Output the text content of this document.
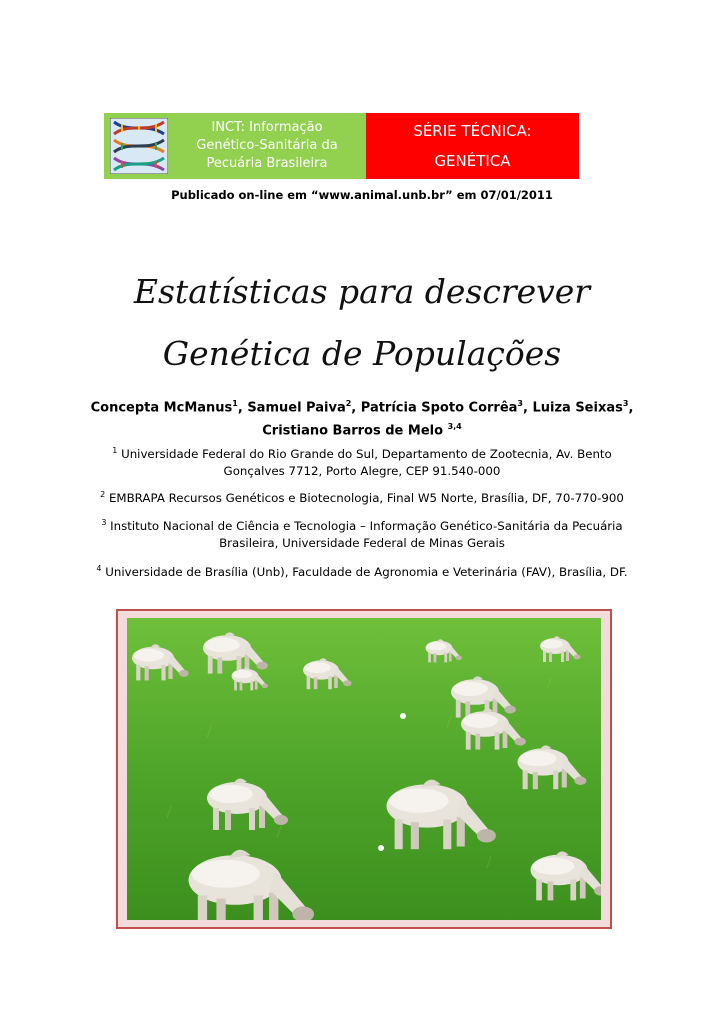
INCT: Informação
Genético-Sanitária da
Pecuária Brasileira
SÉRIE TÉCNICA:
GENÉTICA
Publicado on-line em “www.animal.unb.br” em 07/01/2011
Estatísticas para descrever
Genética de Populações
Concepta McManus$^1$, Samuel Paiva$^2$, Patrícia Spoto Corrêa$^3$, Luiza Seixas$^3$, Cristiano Barros de Melo $^{3,4}$
$^1$ Universidade Federal do Rio Grande do Sul, Departamento de Zootecnia, Av. Bento Gonçalves 7712, Porto Alegre, CEP 91.540-000
$^2$ EMBRAPA Recursos Genéticos e Biotecnologia, Final W5 Norte, Brasília, DF, 70-770-900
$^3$ Instituto Nacional de Ciência e Tecnologia – Informação Genético-Sanitária da Pecuária Brasileira, Universidade Federal de Minas Gerais
$^4$ Universidade de Brasília (Unb), Faculdade de Agronomia e Veterinária (FAV), Brasília, DF.
